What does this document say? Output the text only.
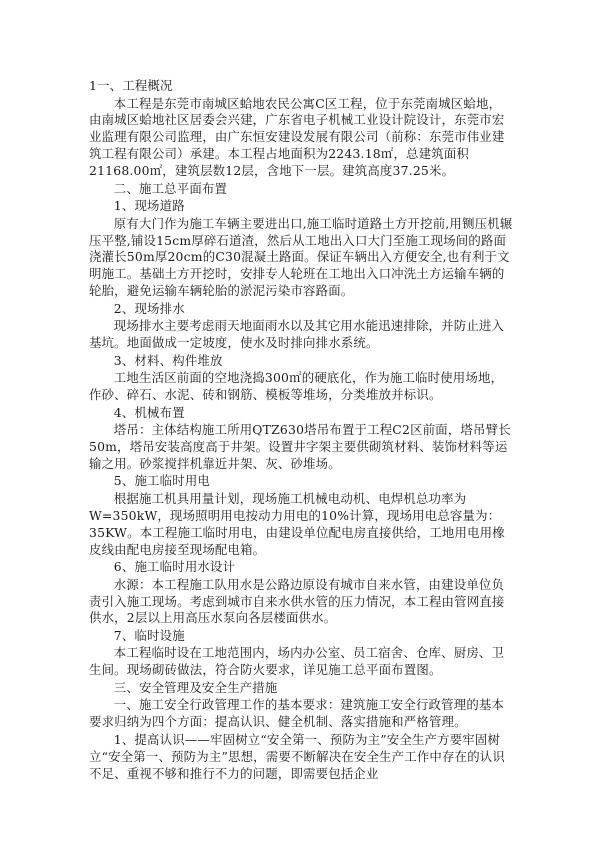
1一、工程概况

本工程是东莞市南城区蛤地农民公寓C区工程，位于东莞南城区蛤地，由南城区蛤地社区居委会兴建，广东省电子机械工业设计院设计，东莞市宏业监理有限公司监理，由广东恒安建设发展有限公司（前称：东莞市伟业建筑工程有限公司）承建。本工程占地面积为2243.18㎡，总建筑面积21168.00㎡，建筑层数12层，含地下一层。建筑高度37.25米。

二、施工总平面布置

1、现场道路

原有大门作为施工车辆主要进出口,施工临时道路土方开挖前,用铡压机辗压平整,铺设15cm厚碎石道渣，然后从工地出入口大门至施工现场间的路面浇灌长50m厚20cm的C30混凝土路面。保证车辆出入方便安全,也有利于文明施工。基础土方开挖时，安排专人轮班在工地出入口冲洗土方运输车辆的轮胎，避免运输车辆轮胎的淤泥污染市容路面。

2、现场排水

现场排水主要考虑雨天地面雨水以及其它用水能迅速排除，并防止进入基坑。地面做成一定坡度，使水及时排向排水系统。

3、材料、构件堆放

工地生活区前面的空地浇捣300㎡的硬底化，作为施工临时使用场地，作砂、碎石、水泥、砖和钢筋、模板等堆场，分类堆放并标识。

4、机械布置

塔吊：主体结构施工所用QTZ630塔吊布置于工程C2区前面，塔吊臂长50m，塔吊安装高度高于井架。设置井字架主要供砌筑材料、装饰材料等运输之用。砂浆搅拌机靠近井架、灰、砂堆场。

5、施工临时用电

根据施工机具用量计划，现场施工机械电动机、电焊机总功率为W=350kW，现场照明用电按动力用电的10%计算，现场用电总容量为：35KW。本工程施工临时用电，由建设单位配电房直接供给，工地用电用橡皮线由配电房接至现场配电箱。

6、施工临时用水设计

水源：本工程施工队用水是公路边原设有城市自来水管，由建设单位负责引入施工现场。考虑到城市自来水供水管的压力情况，本工程由管网直接供水，2层以上用高压水泵向各层楼面供水。

7、临时设施

本工程临时设在工地范围内，场内办公室、员工宿舍、仓库、厨房、卫生间。现场砌砖做法，符合防火要求，详见施工总平面布置图。

三、安全管理及安全生产措施

一、施工安全行政管理工作的基本要求：建筑施工安全行政管理的基本要求归纳为四个方面：提高认识、健全机制、落实措施和严格管理。

1、提高认识——牢固树立“安全第一、预防为主”安全生产方要牢固树立“安全第一、预防为主”思想，需要不断解决在安全生产工作中存在的认识不足、重视不够和推行不力的问题，即需要包括企业
